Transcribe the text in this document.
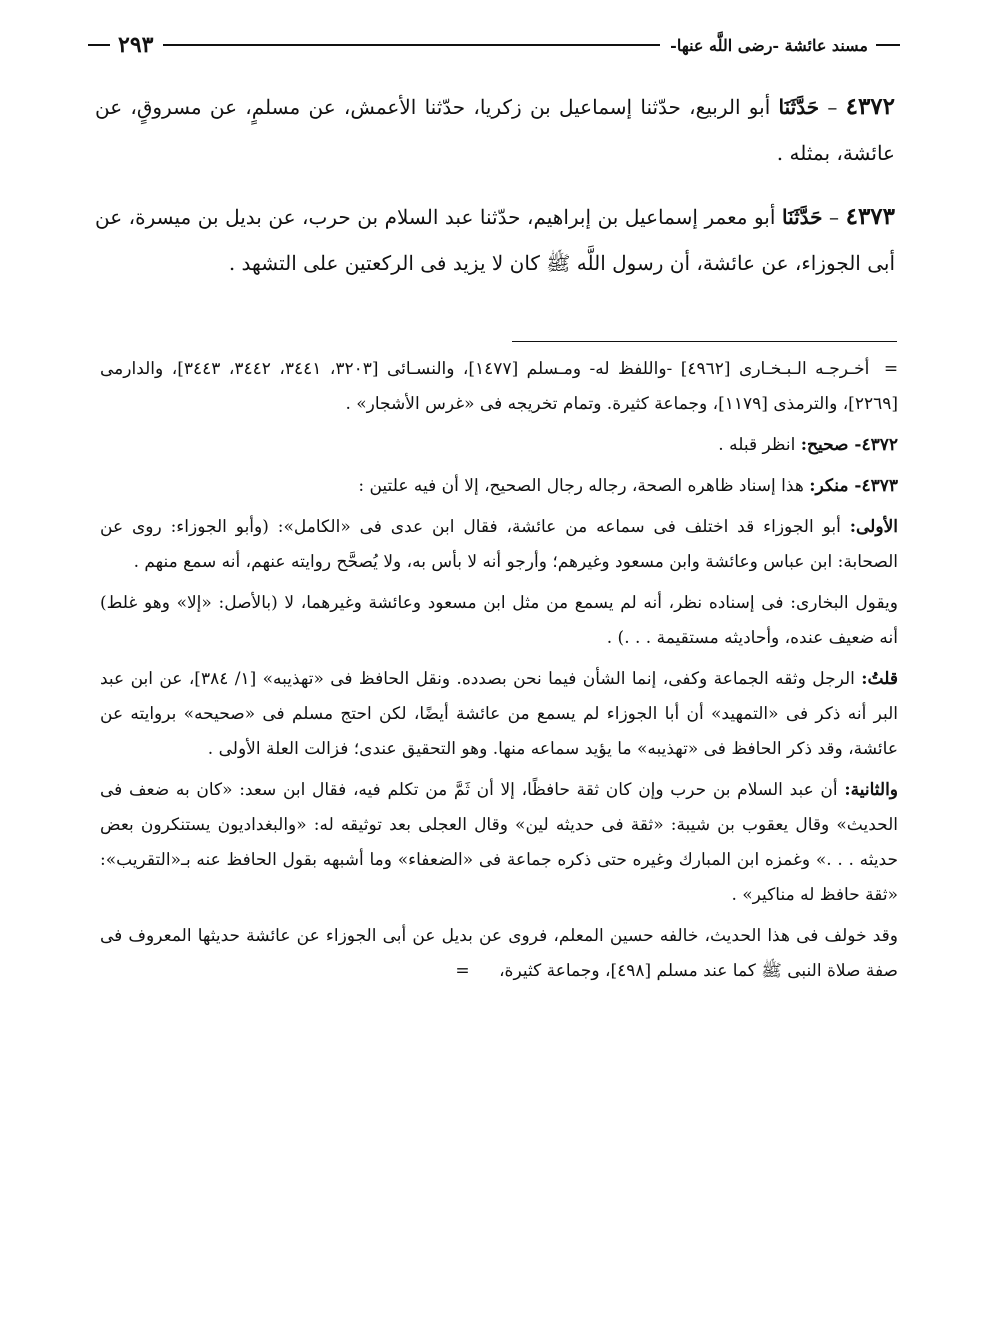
مسند عائشة -رضى اللَّه عنها-
٢٩٣

٤٣٧٢ – حَدَّثَنَا أبو الربيع، حدّثنا إسماعيل بن زكريا، حدّثنا الأعمش، عن مسلمٍ، عن مسروقٍ، عن عائشة، بمثله .

٤٣٧٣ – حَدَّثَنَا أبو معمر إسماعيل بن إبراهيم، حدّثنا عبد السلام بن حرب، عن بديل بن ميسرة، عن أبى الجوزاء، عن عائشة، أن رسول اللَّه ﷺ كان لا يزيد فى الركعتين على التشهد .

= أخـرجـه الـبـخـارى [٤٩٦٢] -واللفظ له- ومـسلم [١٤٧٧]، والنسـائى [٣٢٠٣، ٣٤٤١، ٣٤٤٢، ٣٤٤٣]، والدارمى [٢٢٦٩]، والترمذى [١١٧٩]، وجماعة كثيرة. وتمام تخريجه فى «غرس الأشجار» .

٤٣٧٢- صحيح: انظر قبله .

٤٣٧٣- منكر: هذا إسناد ظاهره الصحة، رجاله رجال الصحيح، إلا أن فيه علتين :

الأولى: أبو الجوزاء قد اختلف فى سماعه من عائشة، فقال ابن عدى فى «الكامل»: (وأبو الجوزاء: روى عن الصحابة: ابن عباس وعائشة وابن مسعود وغيرهم؛ وأرجو أنه لا بأس به، ولا يُصحَّح روايته عنهم، أنه سمع منهم .

ويقول البخارى: فى إسناده نظر، أنه لم يسمع من مثل ابن مسعود وعائشة وغيرهما، لا (بالأصل: «إلا» وهو غلط) أنه ضعيف عنده، وأحاديثه مستقيمة . . .) .

قلتُ: الرجل وثقه الجماعة وكفى، إنما الشأن فيما نحن بصدده. ونقل الحافظ فى «تهذيبه» [١/ ٣٨٤]، عن ابن عبد البر أنه ذكر فى «التمهيد» أن أبا الجوزاء لم يسمع من عائشة أيضًا، لكن احتج مسلم فى «صحيحه» بروايته عن عائشة، وقد ذكر الحافظ فى «تهذيبه» ما يؤيد سماعه منها. وهو التحقيق عندى؛ فزالت العلة الأولى .

والثانية: أن عبد السلام بن حرب وإن كان ثقة حافظًا، إلا أن ثَمَّ من تكلم فيه، فقال ابن سعد: «كان به ضعف فى الحديث» وقال يعقوب بن شيبة: «ثقة فى حديثه لين» وقال العجلى بعد توثيقه له: «والبغداديون يستنكرون بعض حديثه . . .» وغمزه ابن المبارك وغيره حتى ذكره جماعة فى «الضعفاء» وما أشبهه بقول الحافظ عنه بـ«التقريب»: «ثقة حافظ له مناكير» .

وقد خولف فى هذا الحديث، خالفه حسين المعلم، فروى عن بديل عن أبى الجوزاء عن عائشة حديثها المعروف فى صفة صلاة النبى ﷺ كما عند مسلم [٤٩٨]، وجماعة كثيرة، =
